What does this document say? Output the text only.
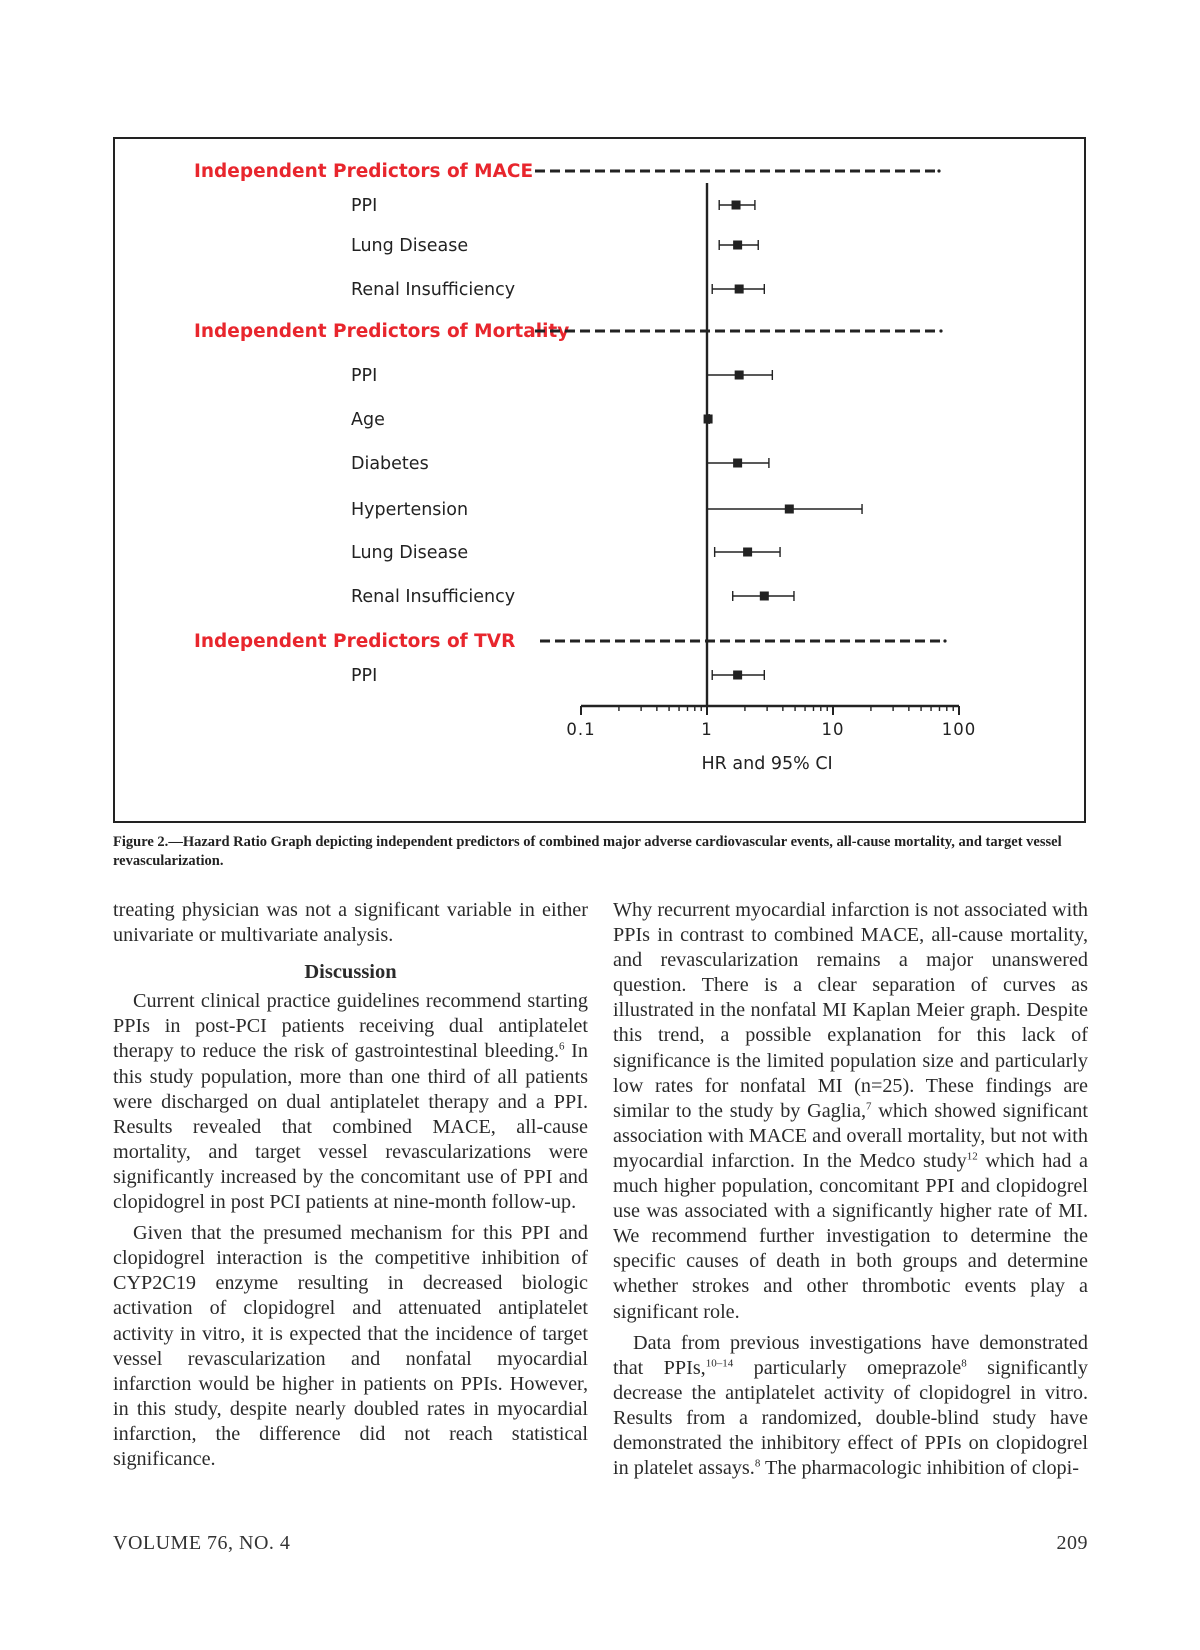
Independent Predictors of MACE
PPI
Lung Disease
Renal Insufficiency
Independent Predictors of Mortality
PPI
Age
Diabetes
Hypertension
Lung Disease
Renal Insufficiency
Independent Predictors of TVR
PPI
0.1	1	10	100
HR and 95% CI

Figure 2.—Hazard Ratio Graph depicting independent predictors of combined major adverse cardiovascular events, all-cause mortality, and target vessel revascularization.

treating physician was not a significant variable in either univariate or multivariate analysis.

Discussion

Current clinical practice guidelines recommend starting PPIs in post-PCI patients receiving dual antiplatelet therapy to reduce the risk of gastrointestinal bleeding.$^6$ In this study population, more than one third of all patients were discharged on dual antiplatelet therapy and a PPI. Results revealed that combined MACE, all-cause mortality, and target vessel revascularizations were significantly increased by the concomitant use of PPI and clopidogrel in post PCI patients at nine-month follow-up.

Given that the presumed mechanism for this PPI and clopidogrel interaction is the competitive inhibition of CYP2C19 enzyme resulting in decreased biologic activation of clopidogrel and attenuated antiplatelet activity in vitro, it is expected that the incidence of target vessel revascularization and nonfatal myocardial infarction would be higher in patients on PPIs. However, in this study, despite nearly doubled rates in myocardial infarction, the difference did not reach statistical significance.

Why recurrent myocardial infarction is not associated with PPIs in contrast to combined MACE, all-cause mortality, and revascularization remains a major unanswered question. There is a clear separation of curves as illustrated in the nonfatal MI Kaplan Meier graph. Despite this trend, a possible explanation for this lack of significance is the limited population size and particularly low rates for nonfatal MI (n=25). These findings are similar to the study by Gaglia,$^7$ which showed significant association with MACE and overall mortality, but not with myocardial infarction. In the Medco study$^{12}$ which had a much higher population, concomitant PPI and clopidogrel use was associated with a significantly higher rate of MI. We recommend further investigation to determine the specific causes of death in both groups and determine whether strokes and other thrombotic events play a significant role.

Data from previous investigations have demonstrated that PPIs,$^{10-14}$ particularly omeprazole$^8$ significantly decrease the antiplatelet activity of clopidogrel in vitro. Results from a randomized, double-blind study have demonstrated the inhibitory effect of PPIs on clopidogrel in platelet assays.$^8$ The pharmacologic inhibition of clopi-

VOLUME 76, NO. 4	209
